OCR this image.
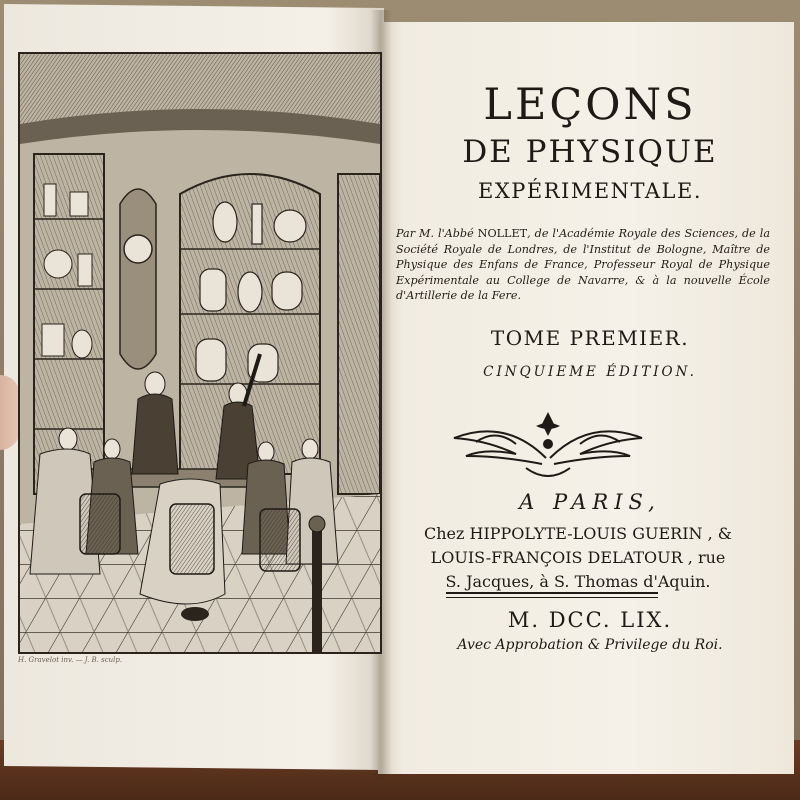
H. Gravelot inv. — J. B. sculp.
LEÇONS
DE PHYSIQUE
EXPÉRIMENTALE.
Par M. l'Abbé NOLLET, de l'Académie Royale des Sciences, de la Société Royale de Londres, de l'Institut de Bologne, Maître de Physique des Enfans de France, Professeur Royal de Physique Expérimentale au College de Navarre, & à la nouvelle École d'Artillerie de la Fere.
TOME PREMIER.
CINQUIEME ÉDITION.
A PARIS,
Chez HIPPOLYTE-LOUIS GUERIN , &
LOUIS-FRANÇOIS DELATOUR , rue
S. Jacques, à S. Thomas d'Aquin.
M. DCC. LIX.
Avec Approbation & Privilege du Roi.
